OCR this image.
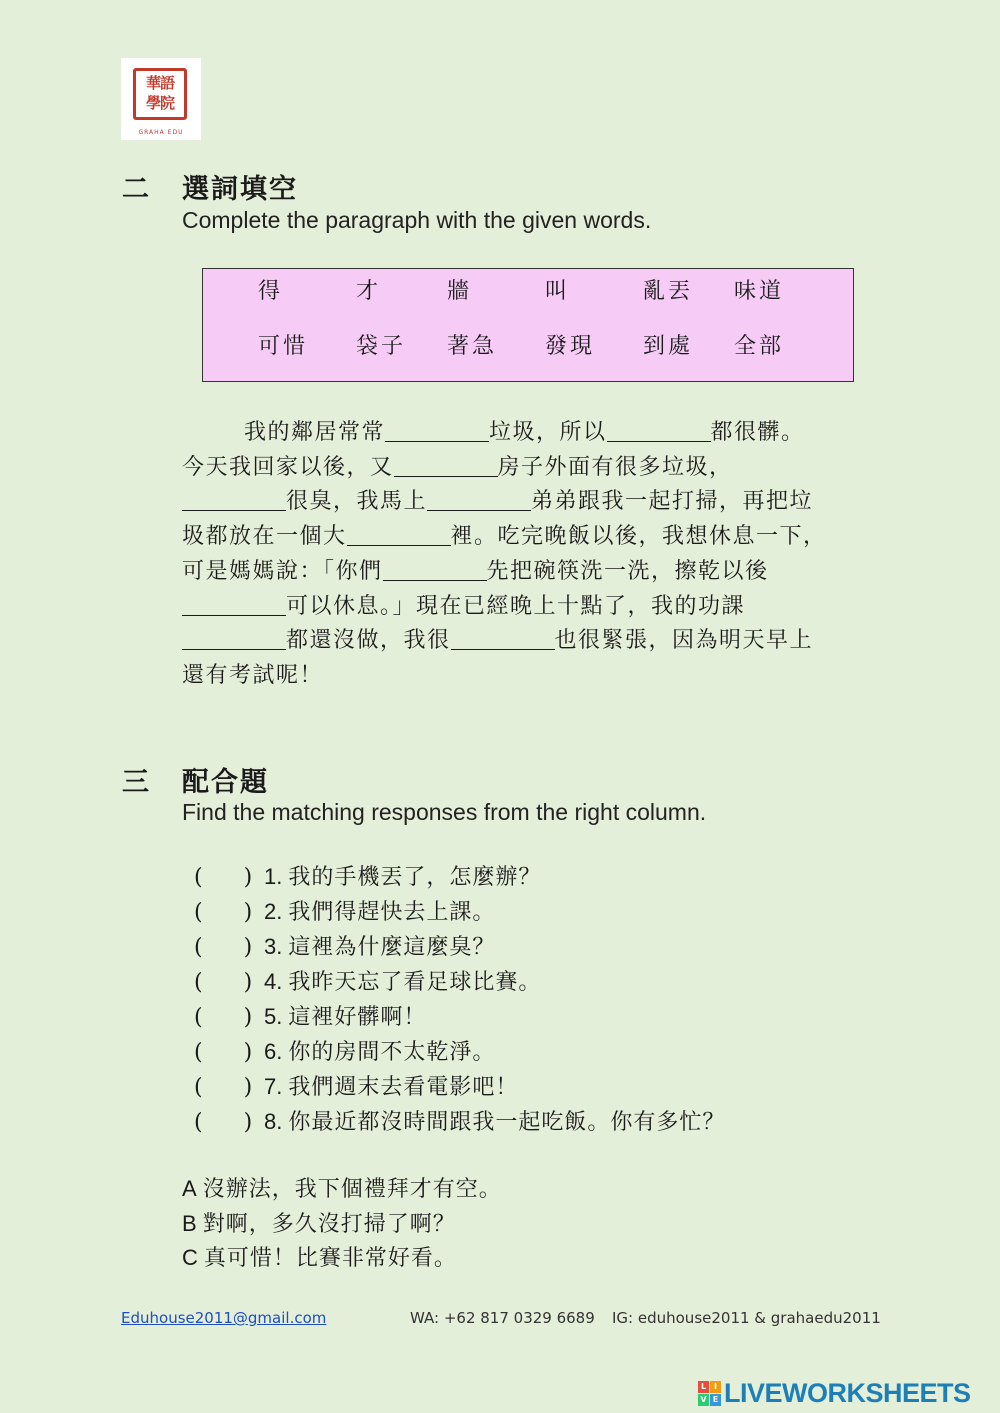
華語學院
GRAHA EDU
二 選詞填空
Complete the paragraph with the given words.
得	才	牆	叫	亂丟 味道
可惜 袋子 著急 發現 到處 全部
我的鄰居常常	垃圾，所以	都很髒。
今天我回家以後，又	房子外面有很多垃圾，
很臭，我馬上	弟弟跟我一起打掃，再把垃
圾都放在一個大	裡。吃完晚飯以後，我想休息一下，
可是媽媽說：「你們	先把碗筷洗一洗，擦乾以後
可以休息。」現在已經晚上十點了，我的功課
都還沒做，我很	也很緊張，因為明天早上
還有考試呢！
三 配合題
Find the matching responses from the right column.
( ) 1. 我的手機丟了，怎麼辦？
( ) 2. 我們得趕快去上課。
( ) 3. 這裡為什麼這麼臭？
( ) 4. 我昨天忘了看足球比賽。
( ) 5. 這裡好髒啊！
( ) 6. 你的房間不太乾淨。
( ) 7. 我們週末去看電影吧！
( ) 8. 你最近都沒時間跟我一起吃飯。你有多忙？
A 沒辦法，我下個禮拜才有空。
B 對啊，多久沒打掃了啊？
C 真可惜！比賽非常好看。
Eduhouse2011@gmail.com	WA: +62 817 0329 6689 IG: eduhouse2011 & grahaedu2011
L I
V E LIVEWORKSHEETS
